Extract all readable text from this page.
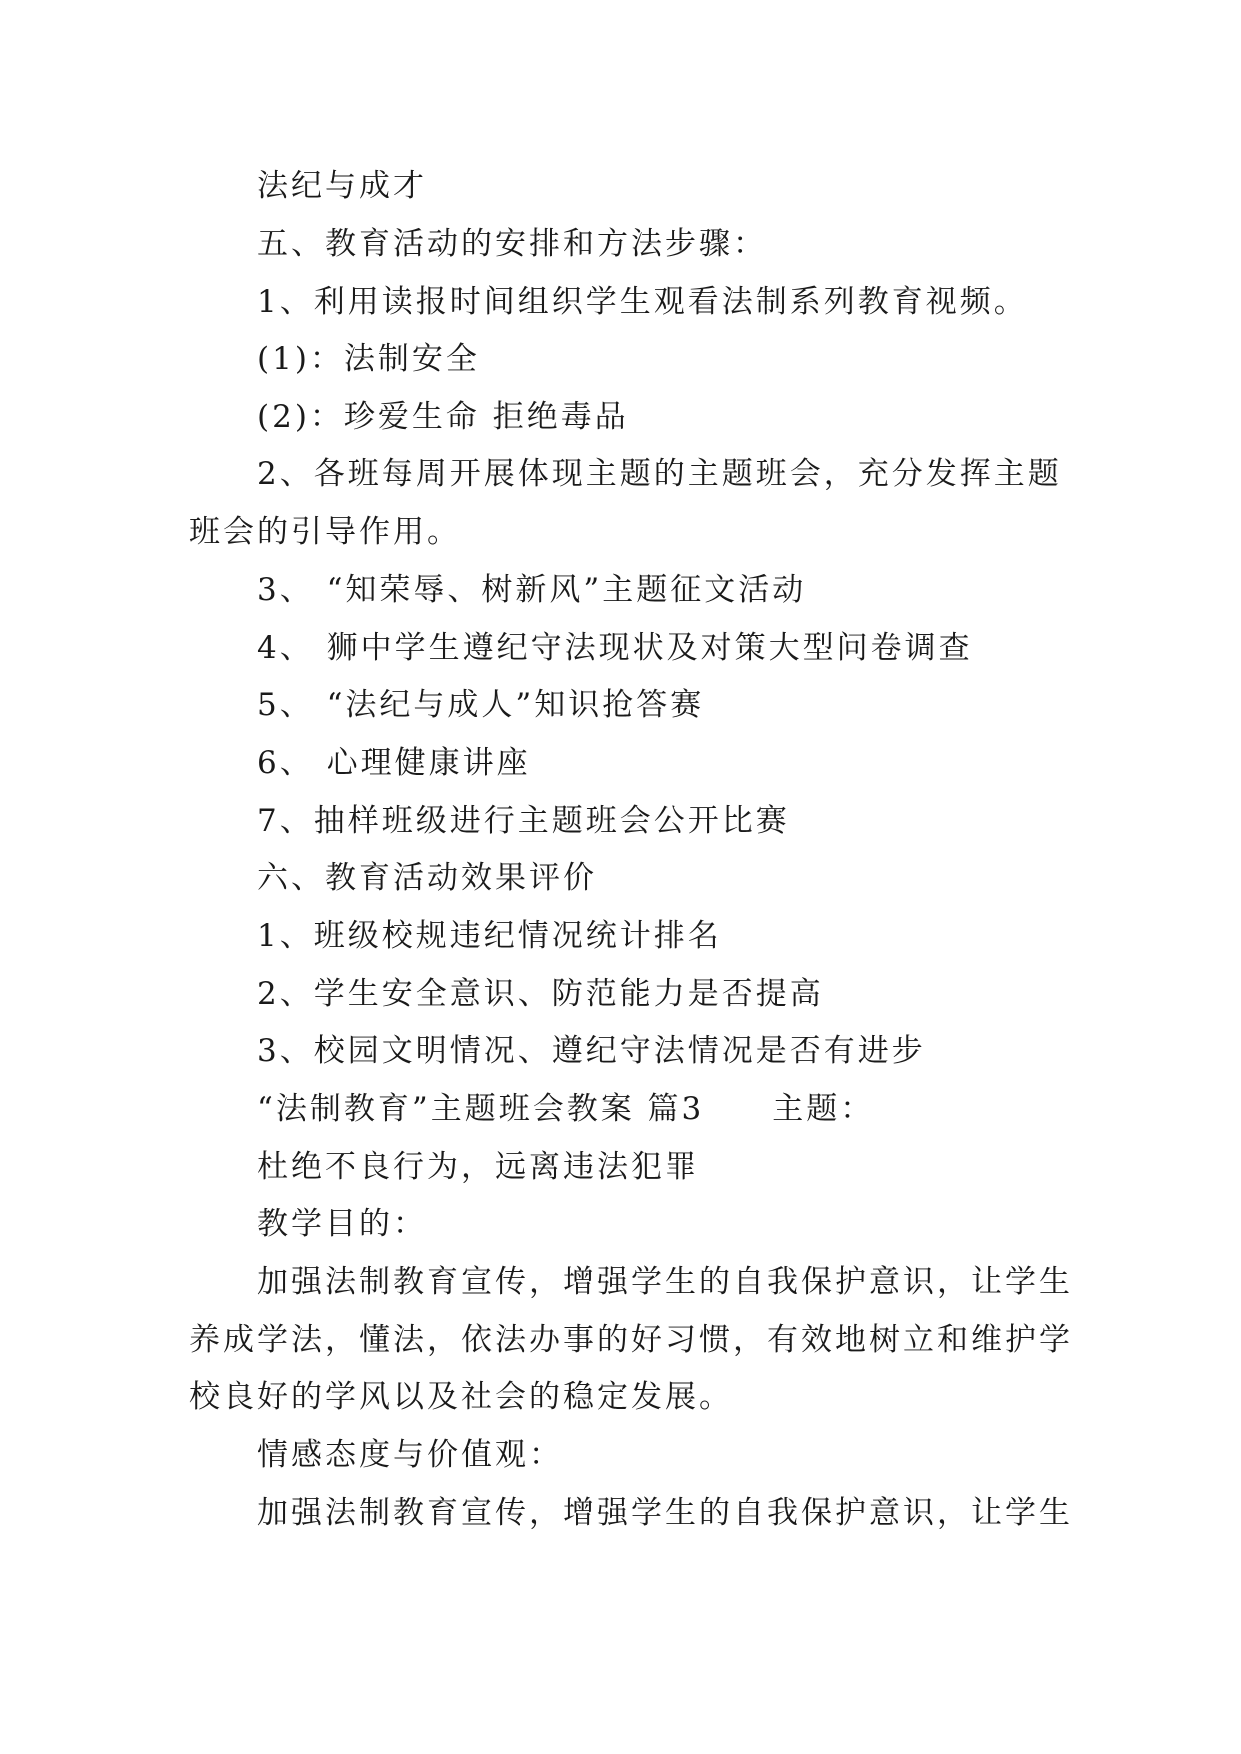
法纪与成才

五、教育活动的安排和方法步骤：

1、利用读报时间组织学生观看法制系列教育视频。

(1)：法制安全

(2)：珍爱生命 拒绝毒品

2、各班每周开展体现主题的主题班会，充分发挥主题

班会的引导作用。

3、 “知荣辱、树新风”主题征文活动

4、 狮中学生遵纪守法现状及对策大型问卷调查

5、 “法纪与成人”知识抢答赛

6、 心理健康讲座

7、抽样班级进行主题班会公开比赛

六、教育活动效果评价

1、班级校规违纪情况统计排名

2、学生安全意识、防范能力是否提高

3、校园文明情况、遵纪守法情况是否有进步

“法制教育”主题班会教案 篇3　　主题：

杜绝不良行为，远离违法犯罪

教学目的：

加强法制教育宣传，增强学生的自我保护意识，让学生

养成学法，懂法，依法办事的好习惯，有效地树立和维护学

校良好的学风以及社会的稳定发展。

情感态度与价值观：

加强法制教育宣传，增强学生的自我保护意识，让学生
